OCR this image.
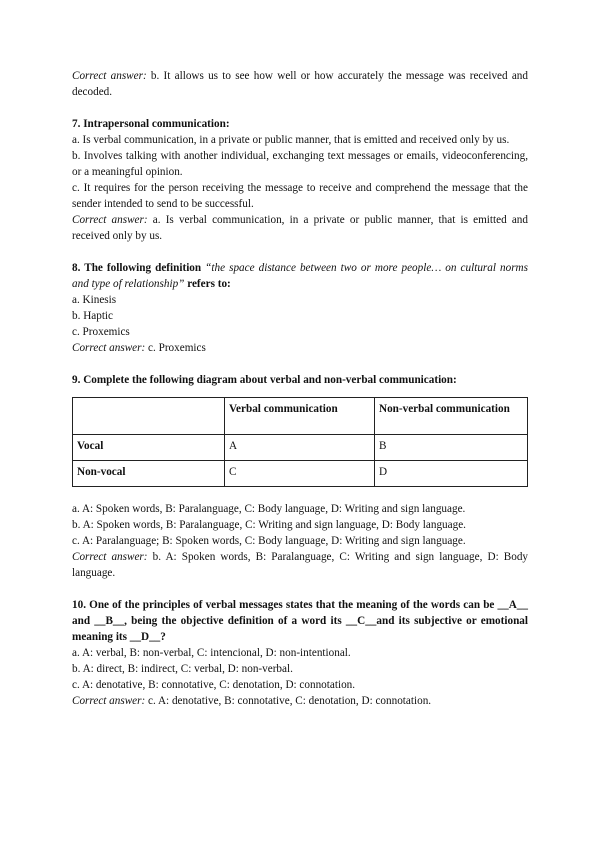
Correct answer: b. It allows us to see how well or how accurately the message was received and decoded.

7. Intrapersonal communication:

a. Is verbal communication, in a private or public manner, that is emitted and received only by us.

b. Involves talking with another individual, exchanging text messages or emails, videoconferencing, or a meaningful opinion.

c. It requires for the person receiving the message to receive and comprehend the message that the sender intended to send to be successful.

Correct answer: a. Is verbal communication, in a private or public manner, that is emitted and received only by us.

8. The following definition “the space distance between two or more people… on cultural norms and type of relationship” refers to:

a. Kinesis

b. Haptic

c. Proxemics

Correct answer: c. Proxemics

9. Complete the following diagram about verbal and non-verbal communication:

	Verbal communication	Non-verbal communication
Vocal	A	B
Non-vocal	C	D

a. A: Spoken words, B: Paralanguage, C: Body language, D: Writing and sign language.

b. A: Spoken words, B: Paralanguage, C: Writing and sign language, D: Body language.

c. A: Paralanguage; B: Spoken words, C: Body language, D: Writing and sign language.

Correct answer: b. A: Spoken words, B: Paralanguage, C: Writing and sign language, D: Body language.

10. One of the principles of verbal messages states that the meaning of the words can be __A__ and __B__, being the objective definition of a word its __C__and its subjective or emotional meaning its __D__?

a. A: verbal, B: non-verbal, C: intencional, D: non-intentional.

b. A: direct, B: indirect, C: verbal, D: non-verbal.

c. A: denotative, B: connotative, C: denotation, D: connotation.

Correct answer: c. A: denotative, B: connotative, C: denotation, D: connotation.
